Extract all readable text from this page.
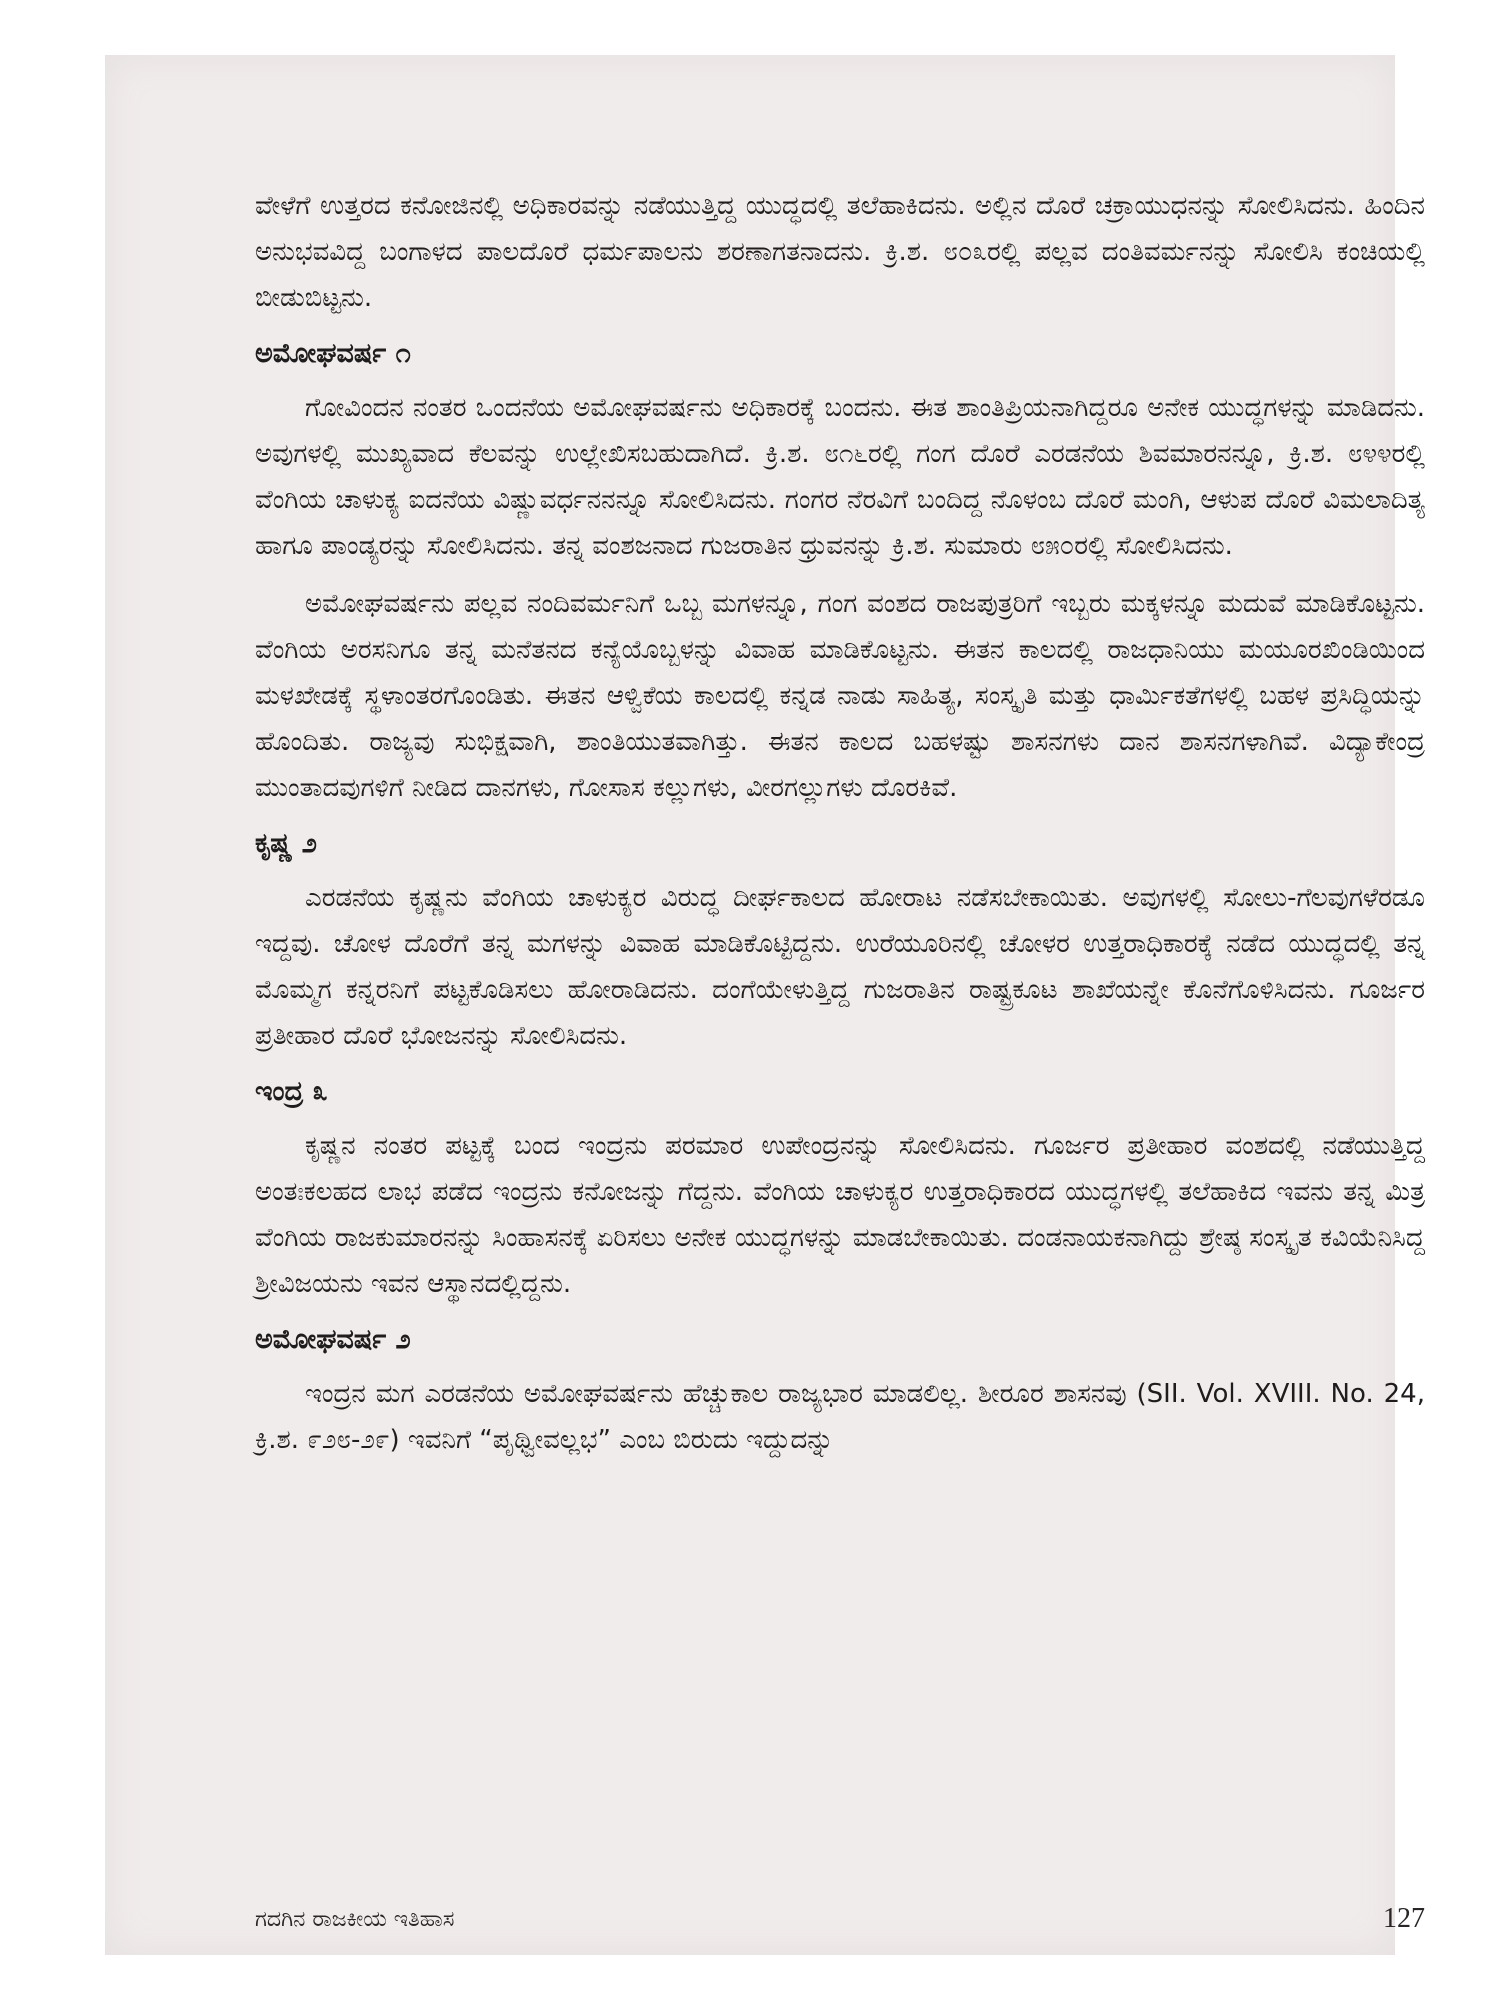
ವೇಳೆಗೆ ಉತ್ತರದ ಕನೋಜಿನಲ್ಲಿ ಅಧಿಕಾರವನ್ನು ನಡೆಯುತ್ತಿದ್ದ ಯುದ್ಧದಲ್ಲಿ ತಲೆಹಾಕಿದನು. ಅಲ್ಲಿನ ದೊರೆ ಚಕ್ರಾಯುಧನನ್ನು ಸೋಲಿಸಿದನು. ಹಿಂದಿನ ಅನುಭವವಿದ್ದ ಬಂಗಾಳದ ಪಾಲದೊರೆ ಧರ್ಮಪಾಲನು ಶರಣಾಗತನಾದನು. ಕ್ರಿ.ಶ. ೮೦೩ರಲ್ಲಿ ಪಲ್ಲವ ದಂತಿವರ್ಮನನ್ನು ಸೋಲಿಸಿ ಕಂಚಿಯಲ್ಲಿ ಬೀಡುಬಿಟ್ಟನು.

ಅಮೋಘವರ್ಷ ೧

ಗೋವಿಂದನ ನಂತರ ಒಂದನೆಯ ಅಮೋಘವರ್ಷನು ಅಧಿಕಾರಕ್ಕೆ ಬಂದನು. ಈತ ಶಾಂತಿಪ್ರಿಯನಾಗಿದ್ದರೂ ಅನೇಕ ಯುದ್ಧಗಳನ್ನು ಮಾಡಿದನು. ಅವುಗಳಲ್ಲಿ ಮುಖ್ಯವಾದ ಕೆಲವನ್ನು ಉಲ್ಲೇಖಿಸಬಹುದಾಗಿದೆ. ಕ್ರಿ.ಶ. ೮೧೬ರಲ್ಲಿ ಗಂಗ ದೊರೆ ಎರಡನೆಯ ಶಿವಮಾರನನ್ನೂ, ಕ್ರಿ.ಶ. ೮೪೪ರಲ್ಲಿ ವೆಂಗಿಯ ಚಾಳುಕ್ಯ ಐದನೆಯ ವಿಷ್ಣುವರ್ಧನನನ್ನೂ ಸೋಲಿಸಿದನು. ಗಂಗರ ನೆರವಿಗೆ ಬಂದಿದ್ದ ನೊಳಂಬ ದೊರೆ ಮಂಗಿ, ಆಳುಪ ದೊರೆ ವಿಮಲಾದಿತ್ಯ ಹಾಗೂ ಪಾಂಡ್ಯರನ್ನು ಸೋಲಿಸಿದನು. ತನ್ನ ವಂಶಜನಾದ ಗುಜರಾತಿನ ಧ್ರುವನನ್ನು ಕ್ರಿ.ಶ. ಸುಮಾರು ೮೫೦ರಲ್ಲಿ ಸೋಲಿಸಿದನು.

ಅಮೋಘವರ್ಷನು ಪಲ್ಲವ ನಂದಿವರ್ಮನಿಗೆ ಒಬ್ಬ ಮಗಳನ್ನೂ, ಗಂಗ ವಂಶದ ರಾಜಪುತ್ರರಿಗೆ ಇಬ್ಬರು ಮಕ್ಕಳನ್ನೂ ಮದುವೆ ಮಾಡಿಕೊಟ್ಟನು. ವೆಂಗಿಯ ಅರಸನಿಗೂ ತನ್ನ ಮನೆತನದ ಕನ್ಯೆಯೊಬ್ಬಳನ್ನು ವಿವಾಹ ಮಾಡಿಕೊಟ್ಟನು. ಈತನ ಕಾಲದಲ್ಲಿ ರಾಜಧಾನಿಯು ಮಯೂರಖಿಂಡಿಯಿಂದ ಮಳಖೇಡಕ್ಕೆ ಸ್ಥಳಾಂತರಗೊಂಡಿತು. ಈತನ ಆಳ್ವಿಕೆಯ ಕಾಲದಲ್ಲಿ ಕನ್ನಡ ನಾಡು ಸಾಹಿತ್ಯ, ಸಂಸ್ಕೃತಿ ಮತ್ತು ಧಾರ್ಮಿಕತೆಗಳಲ್ಲಿ ಬಹಳ ಪ್ರಸಿದ್ಧಿಯನ್ನು ಹೊಂದಿತು. ರಾಜ್ಯವು ಸುಭಿಕ್ಷವಾಗಿ, ಶಾಂತಿಯುತವಾಗಿತ್ತು. ಈತನ ಕಾಲದ ಬಹಳಷ್ಟು ಶಾಸನಗಳು ದಾನ ಶಾಸನಗಳಾಗಿವೆ. ವಿದ್ಯಾಕೇಂದ್ರ ಮುಂತಾದವುಗಳಿಗೆ ನೀಡಿದ ದಾನಗಳು, ಗೋಸಾಸ ಕಲ್ಲುಗಳು, ವೀರಗಲ್ಲುಗಳು ದೊರಕಿವೆ.

ಕೃಷ್ಣ ೨

ಎರಡನೆಯ ಕೃಷ್ಣನು ವೆಂಗಿಯ ಚಾಳುಕ್ಯರ ವಿರುದ್ಧ ದೀರ್ಘಕಾಲದ ಹೋರಾಟ ನಡೆಸಬೇಕಾಯಿತು. ಅವುಗಳಲ್ಲಿ ಸೋಲು-ಗೆಲವುಗಳೆರಡೂ ಇದ್ದವು. ಚೋಳ ದೊರೆಗೆ ತನ್ನ ಮಗಳನ್ನು ವಿವಾಹ ಮಾಡಿಕೊಟ್ಟಿದ್ದನು. ಉರೆಯೂರಿನಲ್ಲಿ ಚೋಳರ ಉತ್ತರಾಧಿಕಾರಕ್ಕೆ ನಡೆದ ಯುದ್ಧದಲ್ಲಿ ತನ್ನ ಮೊಮ್ಮಗ ಕನ್ನರನಿಗೆ ಪಟ್ಟಕೊಡಿಸಲು ಹೋರಾಡಿದನು. ದಂಗೆಯೇಳುತ್ತಿದ್ದ ಗುಜರಾತಿನ ರಾಷ್ಟ್ರಕೂಟ ಶಾಖೆಯನ್ನೇ ಕೊನೆಗೊಳಿಸಿದನು. ಗೂರ್ಜರ ಪ್ರತೀಹಾರ ದೊರೆ ಭೋಜನನ್ನು ಸೋಲಿಸಿದನು.

ಇಂದ್ರ ೩

ಕೃಷ್ಣನ ನಂತರ ಪಟ್ಟಕ್ಕೆ ಬಂದ ಇಂದ್ರನು ಪರಮಾರ ಉಪೇಂದ್ರನನ್ನು ಸೋಲಿಸಿದನು. ಗೂರ್ಜರ ಪ್ರತೀಹಾರ ವಂಶದಲ್ಲಿ ನಡೆಯುತ್ತಿದ್ದ ಅಂತಃಕಲಹದ ಲಾಭ ಪಡೆದ ಇಂದ್ರನು ಕನೋಜನ್ನು ಗೆದ್ದನು. ವೆಂಗಿಯ ಚಾಳುಕ್ಯರ ಉತ್ತರಾಧಿಕಾರದ ಯುದ್ಧಗಳಲ್ಲಿ ತಲೆಹಾಕಿದ ಇವನು ತನ್ನ ಮಿತ್ರ ವೆಂಗಿಯ ರಾಜಕುಮಾರನನ್ನು ಸಿಂಹಾಸನಕ್ಕೆ ಏರಿಸಲು ಅನೇಕ ಯುದ್ಧಗಳನ್ನು ಮಾಡಬೇಕಾಯಿತು. ದಂಡನಾಯಕನಾಗಿದ್ದು ಶ್ರೇಷ್ಠ ಸಂಸ್ಕೃತ ಕವಿಯೆನಿಸಿದ್ದ ಶ್ರೀವಿಜಯನು ಇವನ ಆಸ್ಥಾನದಲ್ಲಿದ್ದನು.

ಅಮೋಘವರ್ಷ ೨

ಇಂದ್ರನ ಮಗ ಎರಡನೆಯ ಅಮೋಘವರ್ಷನು ಹೆಚ್ಚುಕಾಲ ರಾಜ್ಯಭಾರ ಮಾಡಲಿಲ್ಲ. ಶೀರೂರ ಶಾಸನವು (SII. Vol. XVIII. No. 24, ಕ್ರಿ.ಶ. ೯೨೮-೨೯) ಇವನಿಗೆ “ಪೃಥ್ವೀವಲ್ಲಭ” ಎಂಬ ಬಿರುದು ಇದ್ದುದನ್ನು

ಗದಗಿನ ರಾಜಕೀಯ ಇತಿಹಾಸ	127
